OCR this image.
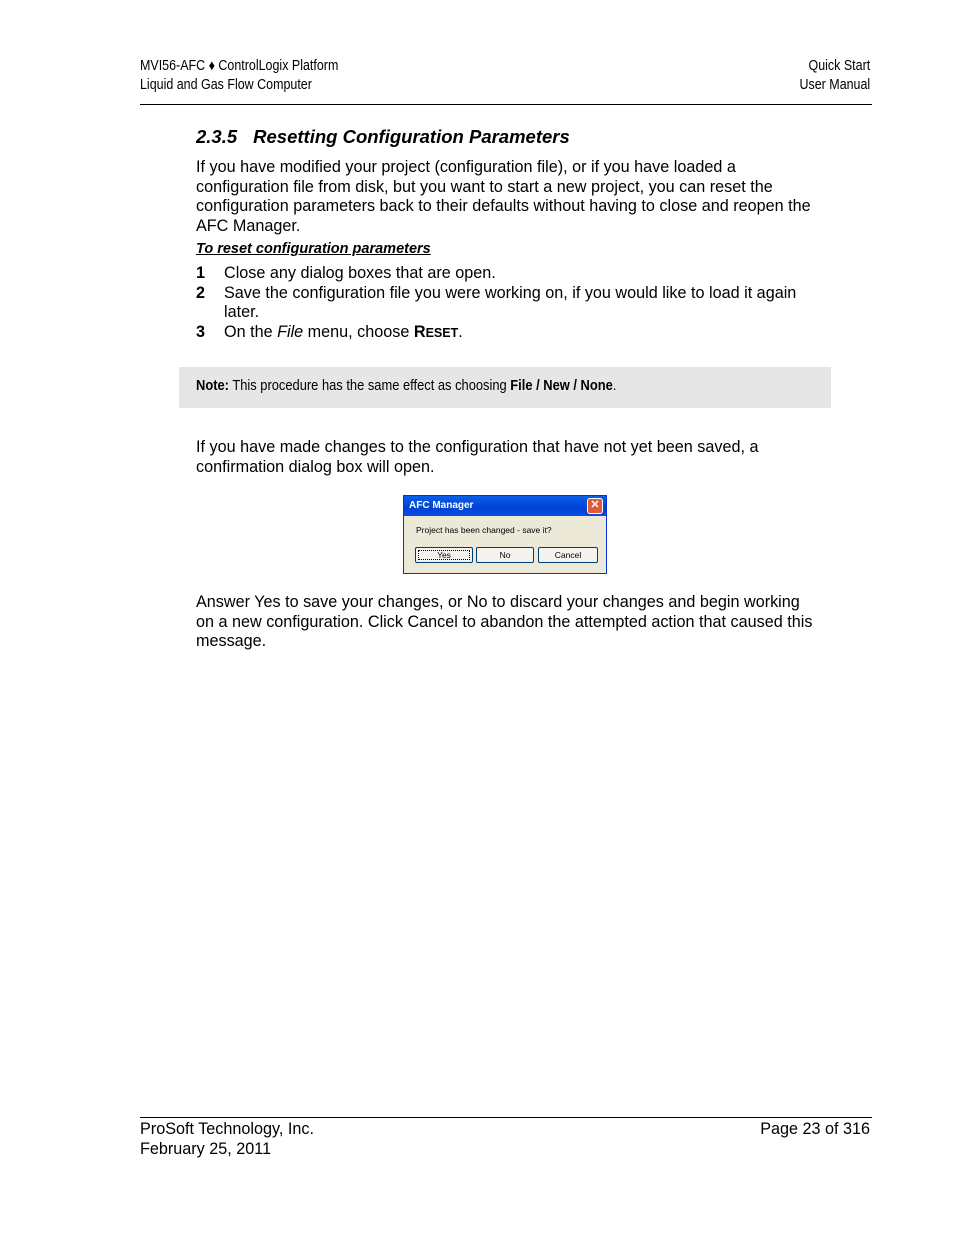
MVI56-AFC ♦ ControlLogix Platform
Liquid and Gas Flow Computer
Quick Start
User Manual
2.3.5 Resetting Configuration Parameters
If you have modified your project (configuration file), or if you have loaded a configuration file from disk, but you want to start a new project, you can reset the configuration parameters back to their defaults without having to close and reopen the AFC Manager.
To reset configuration parameters
1	Close any dialog boxes that are open.
2	Save the configuration file you were working on, if you would like to load it again later.
3	On the File menu, choose RESET.
Note: This procedure has the same effect as choosing File / New / None.
If you have made changes to the configuration that have not yet been saved, a confirmation dialog box will open.
AFC Manager	✕
Project has been changed - save it?
Yes	No	Cancel
Answer Yes to save your changes, or No to discard your changes and begin working on a new configuration. Click Cancel to abandon the attempted action that caused this message.
ProSoft Technology, Inc.
February 25, 2011
Page 23 of 316
